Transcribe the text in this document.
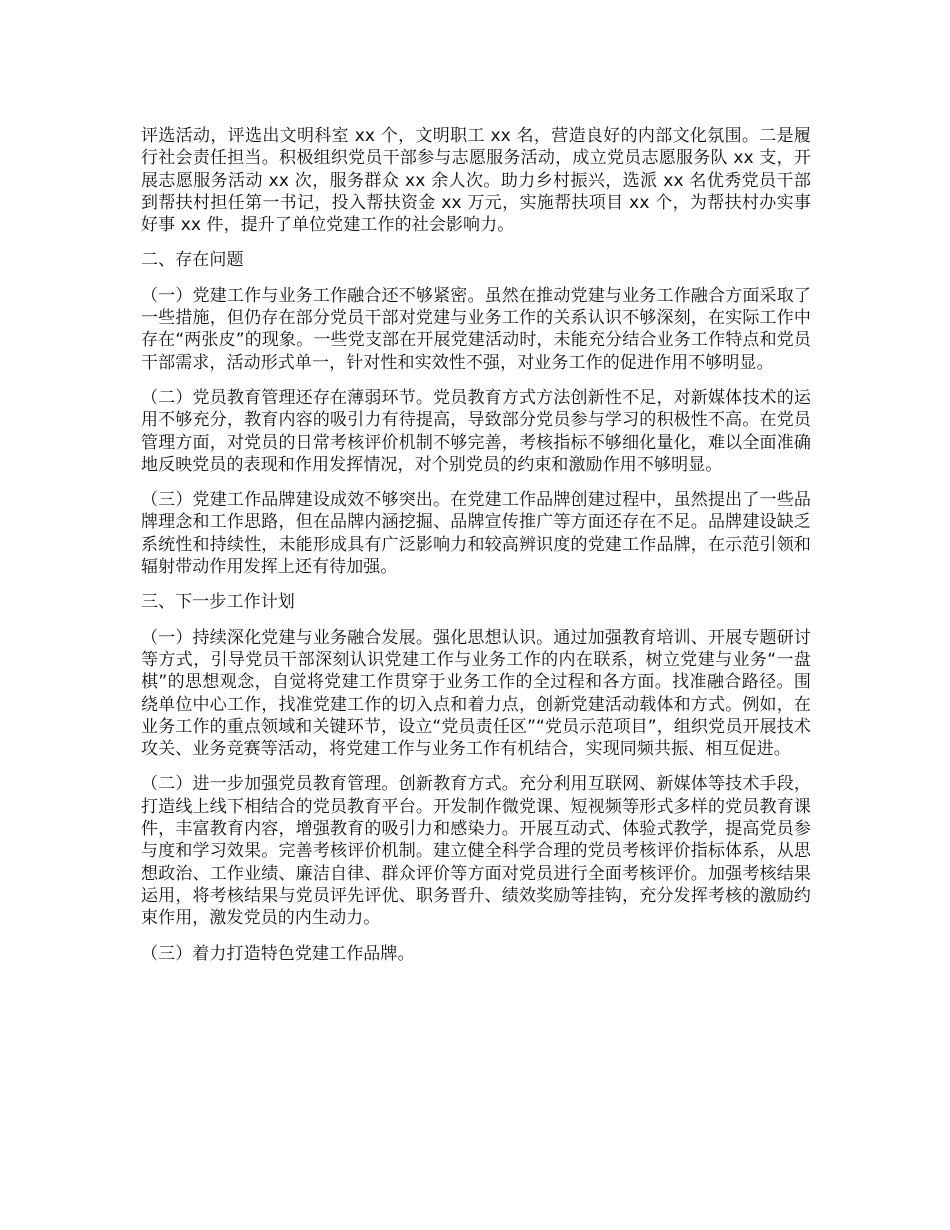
评选活动，评选出文明科室 xx 个，文明职工 xx 名，营造良好的内部文化氛围。二是履行社会责任担当。积极组织党员干部参与志愿服务活动，成立党员志愿服务队 xx 支，开展志愿服务活动 xx 次，服务群众 xx 余人次。助力乡村振兴，选派 xx 名优秀党员干部到帮扶村担任第一书记，投入帮扶资金 xx 万元，实施帮扶项目 xx 个，为帮扶村办实事好事 xx 件，提升了单位党建工作的社会影响力。

二、存在问题

（一）党建工作与业务工作融合还不够紧密。虽然在推动党建与业务工作融合方面采取了一些措施，但仍存在部分党员干部对党建与业务工作的关系认识不够深刻，在实际工作中存在“两张皮”的现象。一些党支部在开展党建活动时，未能充分结合业务工作特点和党员干部需求，活动形式单一，针对性和实效性不强，对业务工作的促进作用不够明显。

（二）党员教育管理还存在薄弱环节。党员教育方式方法创新性不足，对新媒体技术的运用不够充分，教育内容的吸引力有待提高，导致部分党员参与学习的积极性不高。在党员管理方面，对党员的日常考核评价机制不够完善，考核指标不够细化量化，难以全面准确地反映党员的表现和作用发挥情况，对个别党员的约束和激励作用不够明显。

（三）党建工作品牌建设成效不够突出。在党建工作品牌创建过程中，虽然提出了一些品牌理念和工作思路，但在品牌内涵挖掘、品牌宣传推广等方面还存在不足。品牌建设缺乏系统性和持续性，未能形成具有广泛影响力和较高辨识度的党建工作品牌，在示范引领和辐射带动作用发挥上还有待加强。

三、下一步工作计划

（一）持续深化党建与业务融合发展。强化思想认识。通过加强教育培训、开展专题研讨等方式，引导党员干部深刻认识党建工作与业务工作的内在联系，树立党建与业务“一盘棋”的思想观念，自觉将党建工作贯穿于业务工作的全过程和各方面。找准融合路径。围绕单位中心工作，找准党建工作的切入点和着力点，创新党建活动载体和方式。例如，在业务工作的重点领域和关键环节，设立“党员责任区”“党员示范项目”，组织党员开展技术攻关、业务竞赛等活动，将党建工作与业务工作有机结合，实现同频共振、相互促进。

（二）进一步加强党员教育管理。创新教育方式。充分利用互联网、新媒体等技术手段，打造线上线下相结合的党员教育平台。开发制作微党课、短视频等形式多样的党员教育课件，丰富教育内容，增强教育的吸引力和感染力。开展互动式、体验式教学，提高党员参与度和学习效果。完善考核评价机制。建立健全科学合理的党员考核评价指标体系，从思想政治、工作业绩、廉洁自律、群众评价等方面对党员进行全面考核评价。加强考核结果运用，将考核结果与党员评先评优、职务晋升、绩效奖励等挂钩，充分发挥考核的激励约束作用，激发党员的内生动力。

（三）着力打造特色党建工作品牌。
